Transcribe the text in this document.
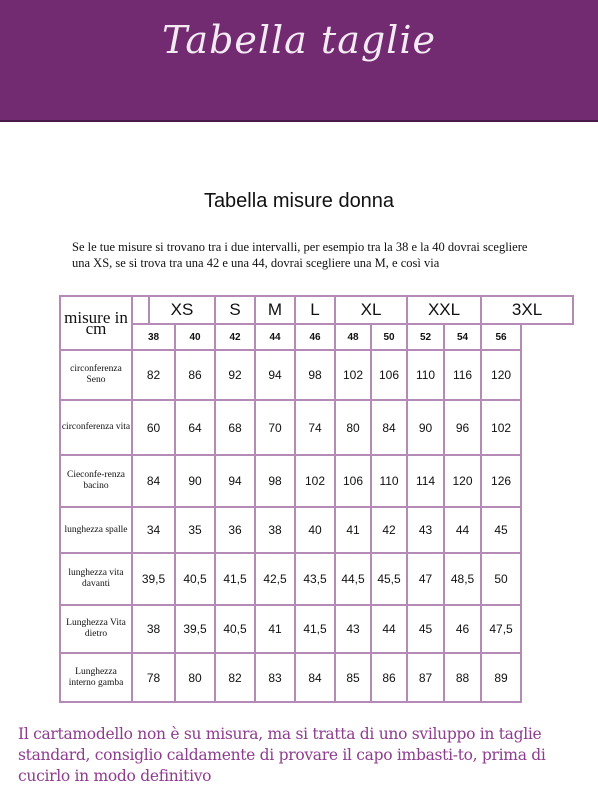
Tabella taglie
Tabella misure donna
Se le tue misure si trovano tra i due intervalli, per esempio tra la 38 e la 40 dovrai scegliere una XS, se si trova tra una 42 e una 44, dovrai scegliere una M, e così via
misure in cm		XS		S	M	L	XL		XXL		3XL	
	38		40	42	44	46	48	50	52	54	56	
circonferenza Seno	82		86	92	94	98	102	106	110	116	120	
circonferenza vita	60		64	68	70	74	80	84	90	96	102	
Cieconfe-renza bacino	84		90	94	98	102	106	110	114	120	126	
lunghezza spalle	34		35	36	38	40	41	42	43	44	45	
lunghezza vita davanti	39,5		40,5	41,5	42,5	43,5	44,5	45,5	47	48,5	50	
Lunghezza Vita dietro	38		39,5	40,5	41	41,5	43	44	45	46	47,5	
Lunghezza interno gamba	78		80	82	83	84	85	86	87	88	89	
Il cartamodello non è su misura, ma si tratta di uno sviluppo in taglie standard, consiglio caldamente di provare il capo imbasti-to, prima di cucirlo in modo definitivo
